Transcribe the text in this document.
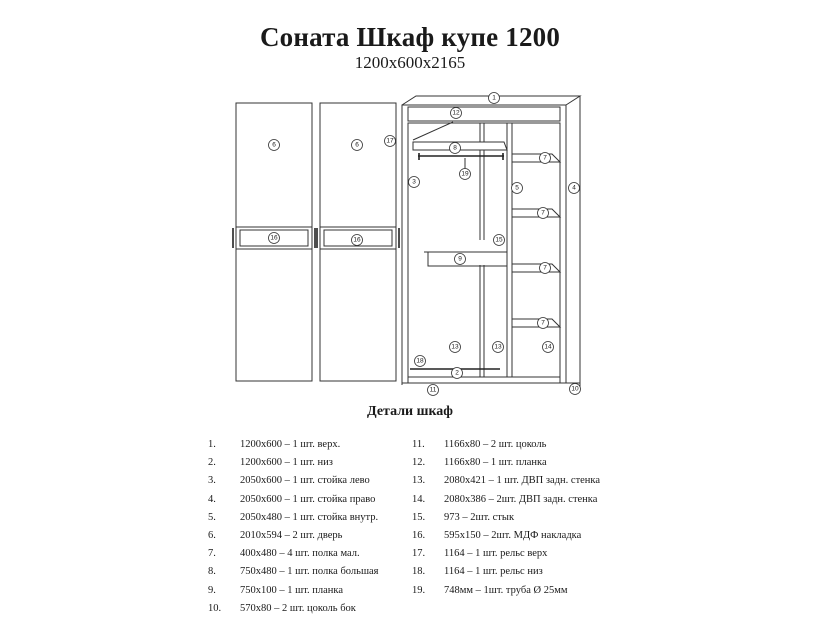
Соната Шкаф купе 1200
1200x600x2165
6
16
6
16
1
12
17
8
19
3
5	4
7
7
7
7
15
9
13	13	14
18
2
11	10
Детали шкаф
1.	1200x600 – 1 шт. верх.
2.	1200x600 – 1 шт. низ
3.	2050x600 – 1 шт. стойка лево
4.	2050x600 – 1 шт. стойка право
5.	2050x480 – 1 шт. стойка внутр.
6.	2010x594 – 2 шт. дверь
7.	400x480 – 4 шт. полка мал.
8.	750x480 – 1 шт. полка большая
9.	750x100 – 1 шт. планка
10.	570x80 – 2 шт. цоколь бок
11.	1166x80 – 2 шт. цоколь
12.	1166x80 – 1 шт. планка
13.	2080x421 – 1 шт. ДВП задн. стенка
14.	2080x386 – 2шт. ДВП задн. стенка
15.	973 – 2шт. стык
16.	595x150 – 2шт. МДФ накладка
17.	1164 – 1 шт. рельс верх
18.	1164 – 1 шт. рельс низ
19.	748мм – 1шт. труба Ø 25мм
